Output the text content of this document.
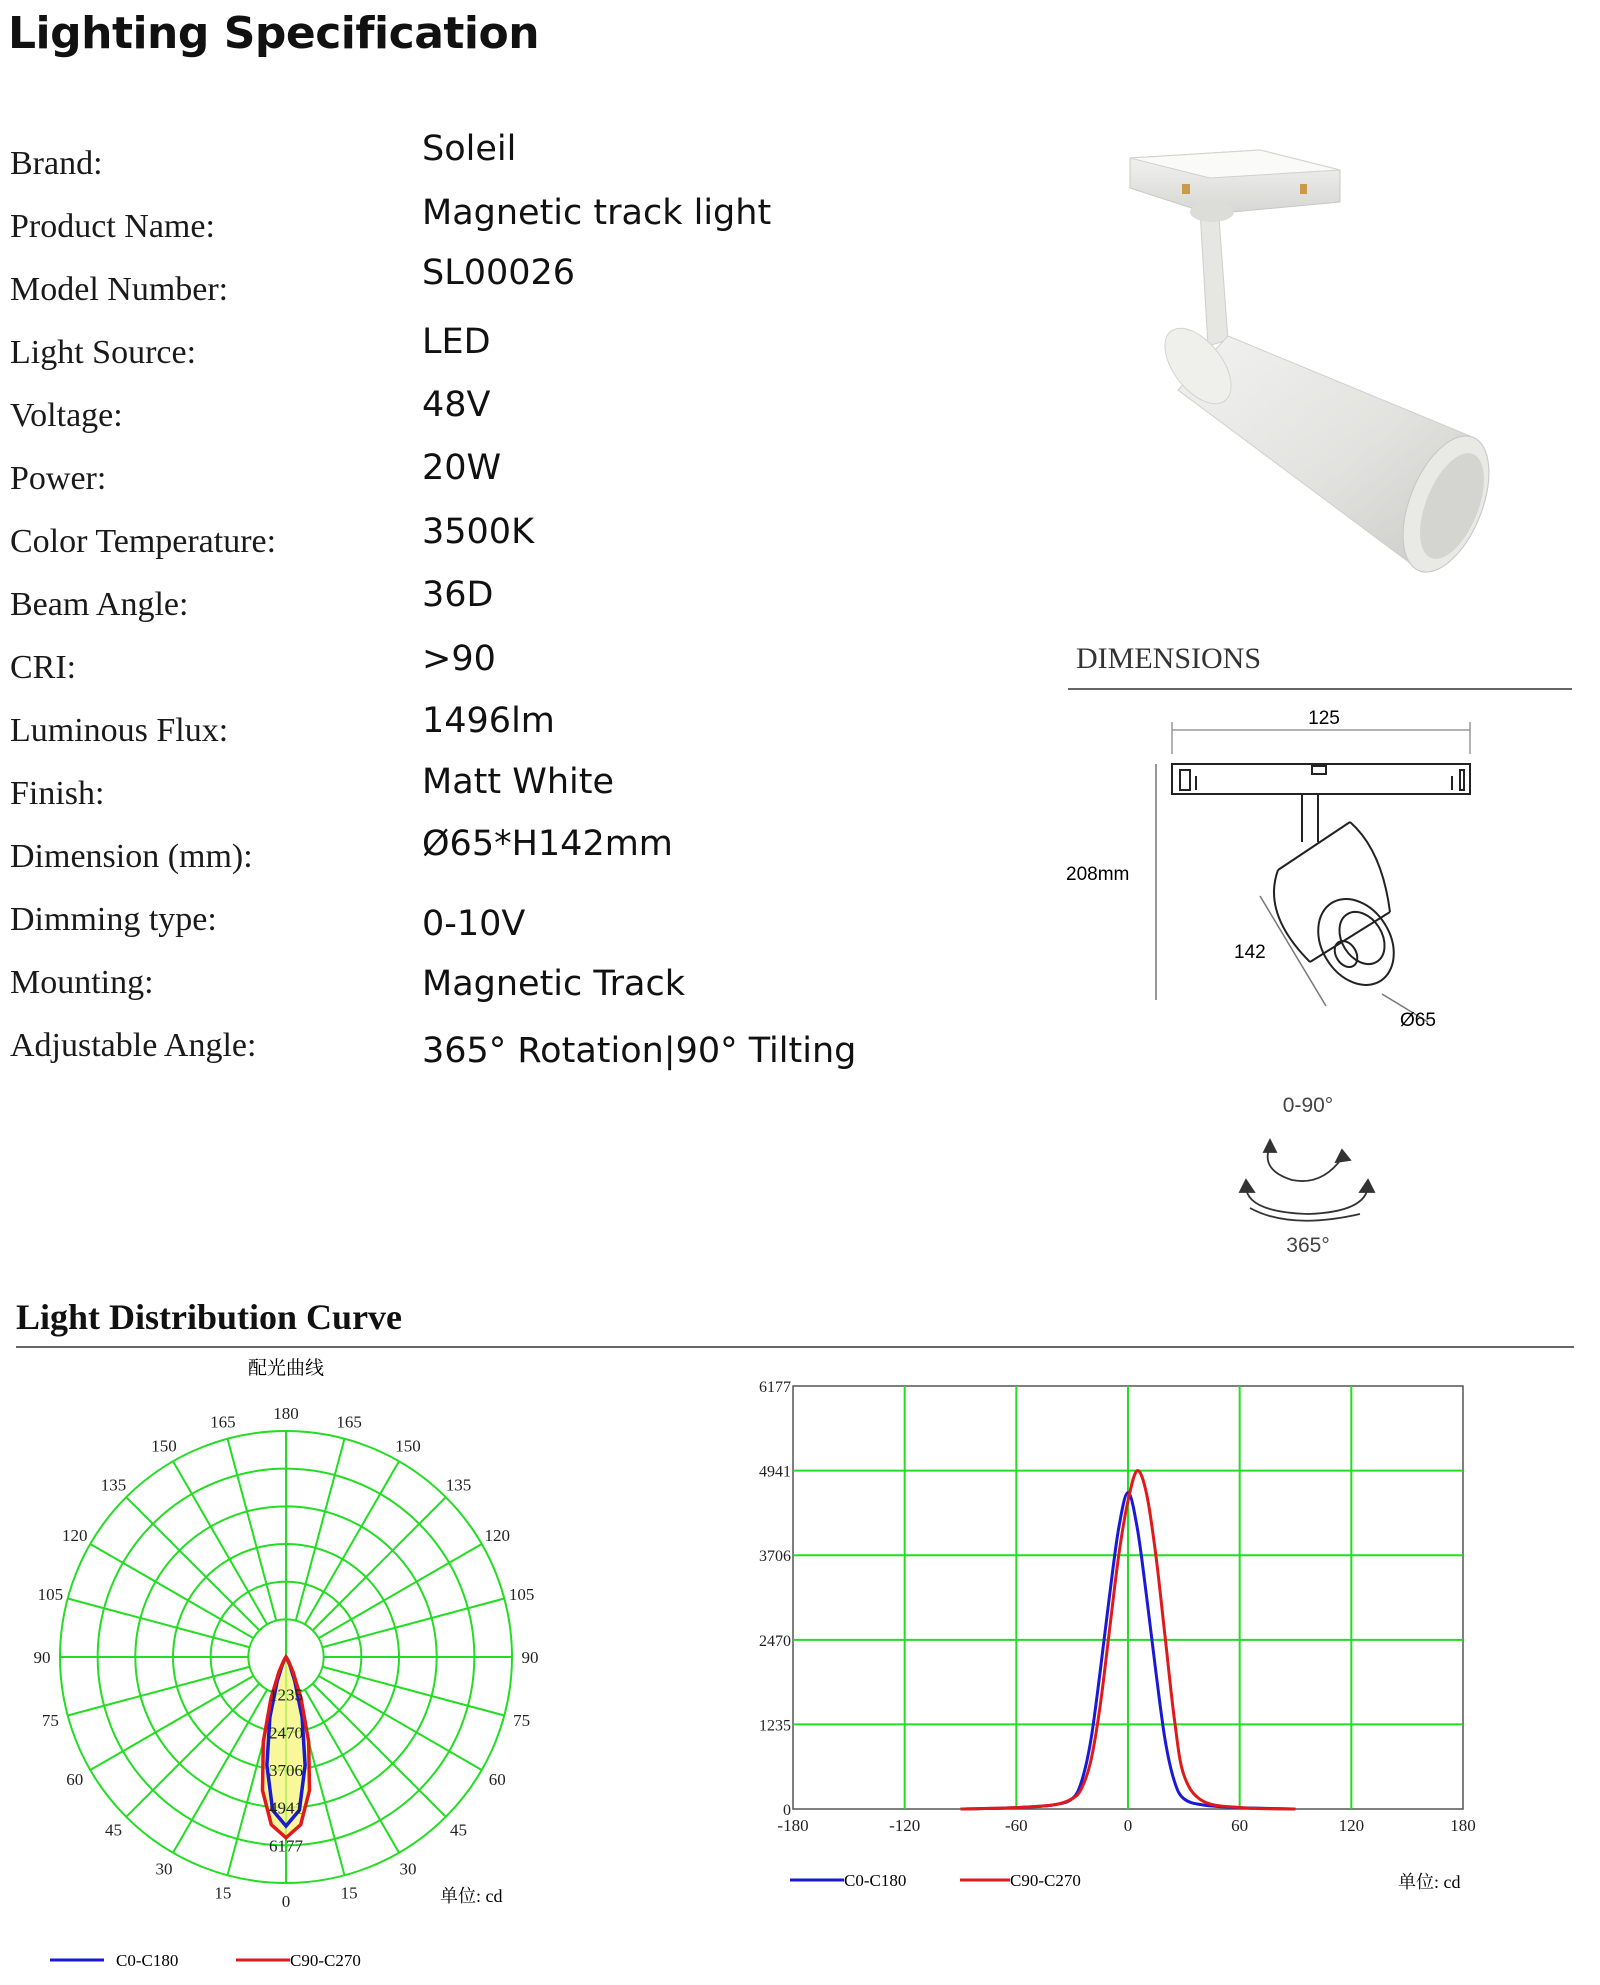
Lighting Specification
Brand:	Soleil
Product Name:	Magnetic track light
Model Number:	SL00026
Light Source:	LED
Voltage:	48V
Power:	20W
Color Temperature:	3500K
Beam Angle:	36D
CRI:	>90
Luminous Flux:	1496lm
Finish:	Matt White
Dimension (mm):	Ø65*H142mm
Dimming type:	0-10V
Mounting:	Magnetic Track
Adjustable Angle:	365° Rotation|90° Tilting
DIMENSIONS
125
208mm
142
Ø65
0-90°
365°
Light Distribution Curve
配光曲线
1235
2470
3706
4941
6177
180
165
150
135
120
105
90
75
60
45
30
15	0
165
150
135
120
105
90
75
60
45
30
15	单位: cd
C0-C180	C90-C270
-180	-120	-60	0	60	120	180
0
1235
2470
3706
4941
6177
C0-C180	C90-C270	单位: cd
